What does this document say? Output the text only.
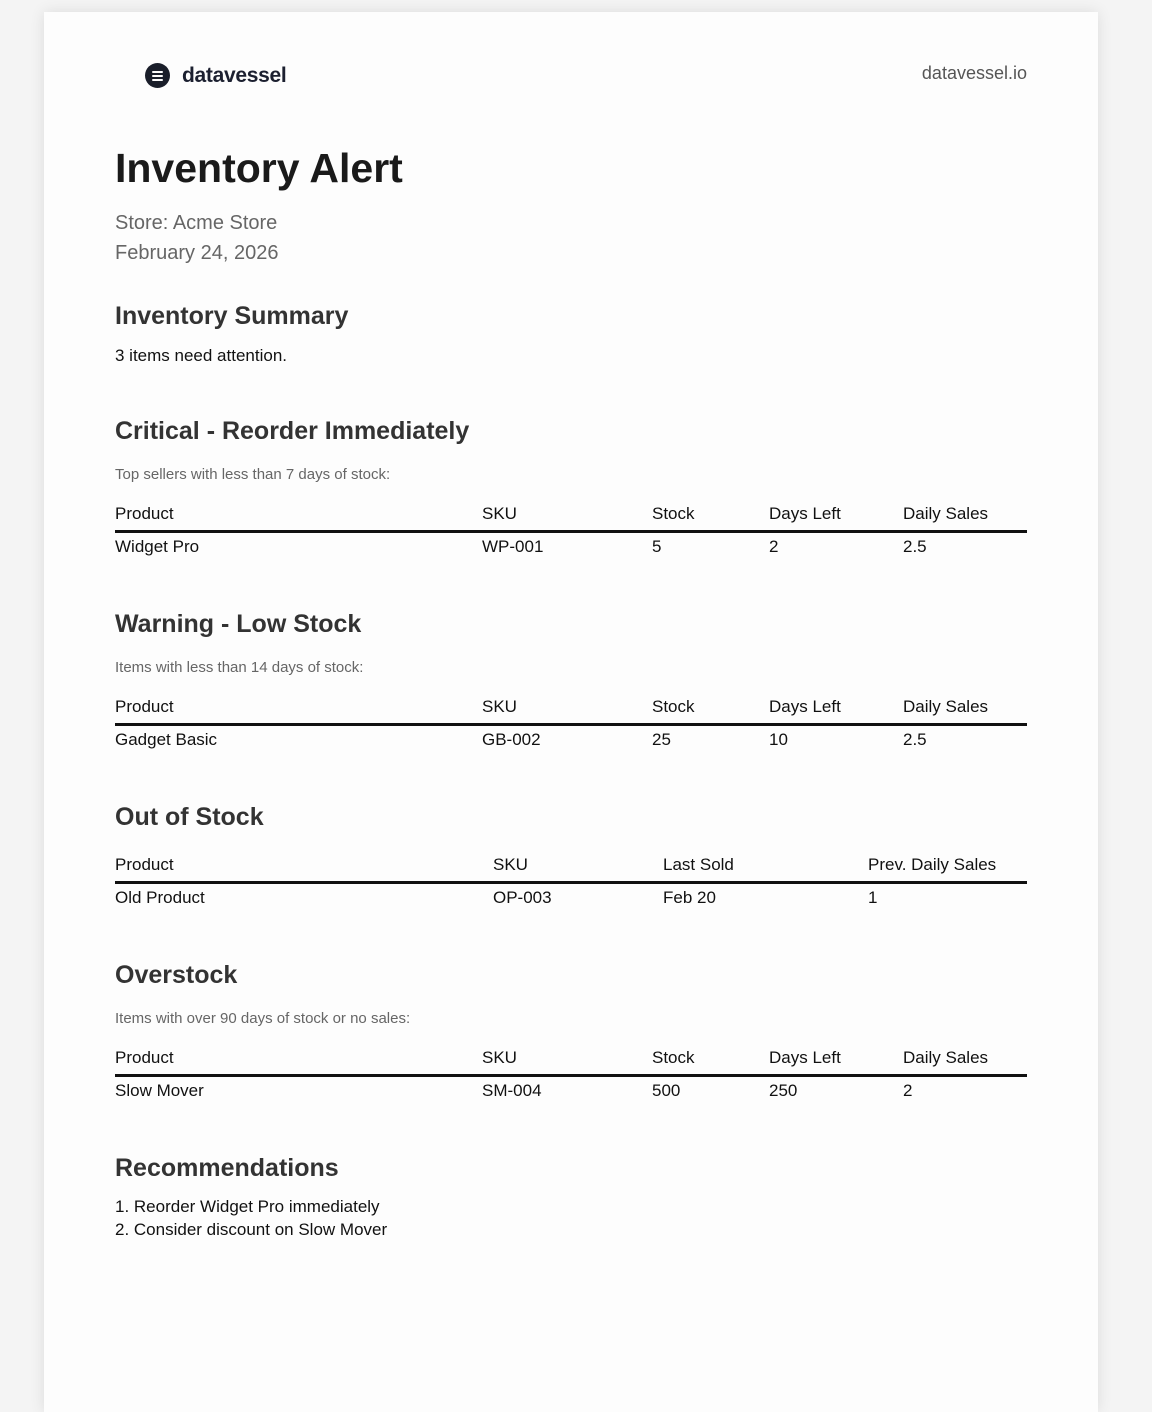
datavessel	datavessel.io
Inventory Alert
Store: Acme Store
February 24, 2026
Inventory Summary
3 items need attention.
Critical - Reorder Immediately
Top sellers with less than 7 days of stock:
Product	SKU	Stock	Days Left	Daily Sales
Widget Pro	WP-001	5	2	2.5
Warning - Low Stock
Items with less than 14 days of stock:
Product	SKU	Stock	Days Left	Daily Sales
Gadget Basic	GB-002	25	10	2.5
Out of Stock
Product	SKU	Last Sold	Prev. Daily Sales
Old Product	OP-003	Feb 20	1
Overstock
Items with over 90 days of stock or no sales:
Product	SKU	Stock	Days Left	Daily Sales
Slow Mover	SM-004	500	250	2
Recommendations
1. Reorder Widget Pro immediately
2. Consider discount on Slow Mover
